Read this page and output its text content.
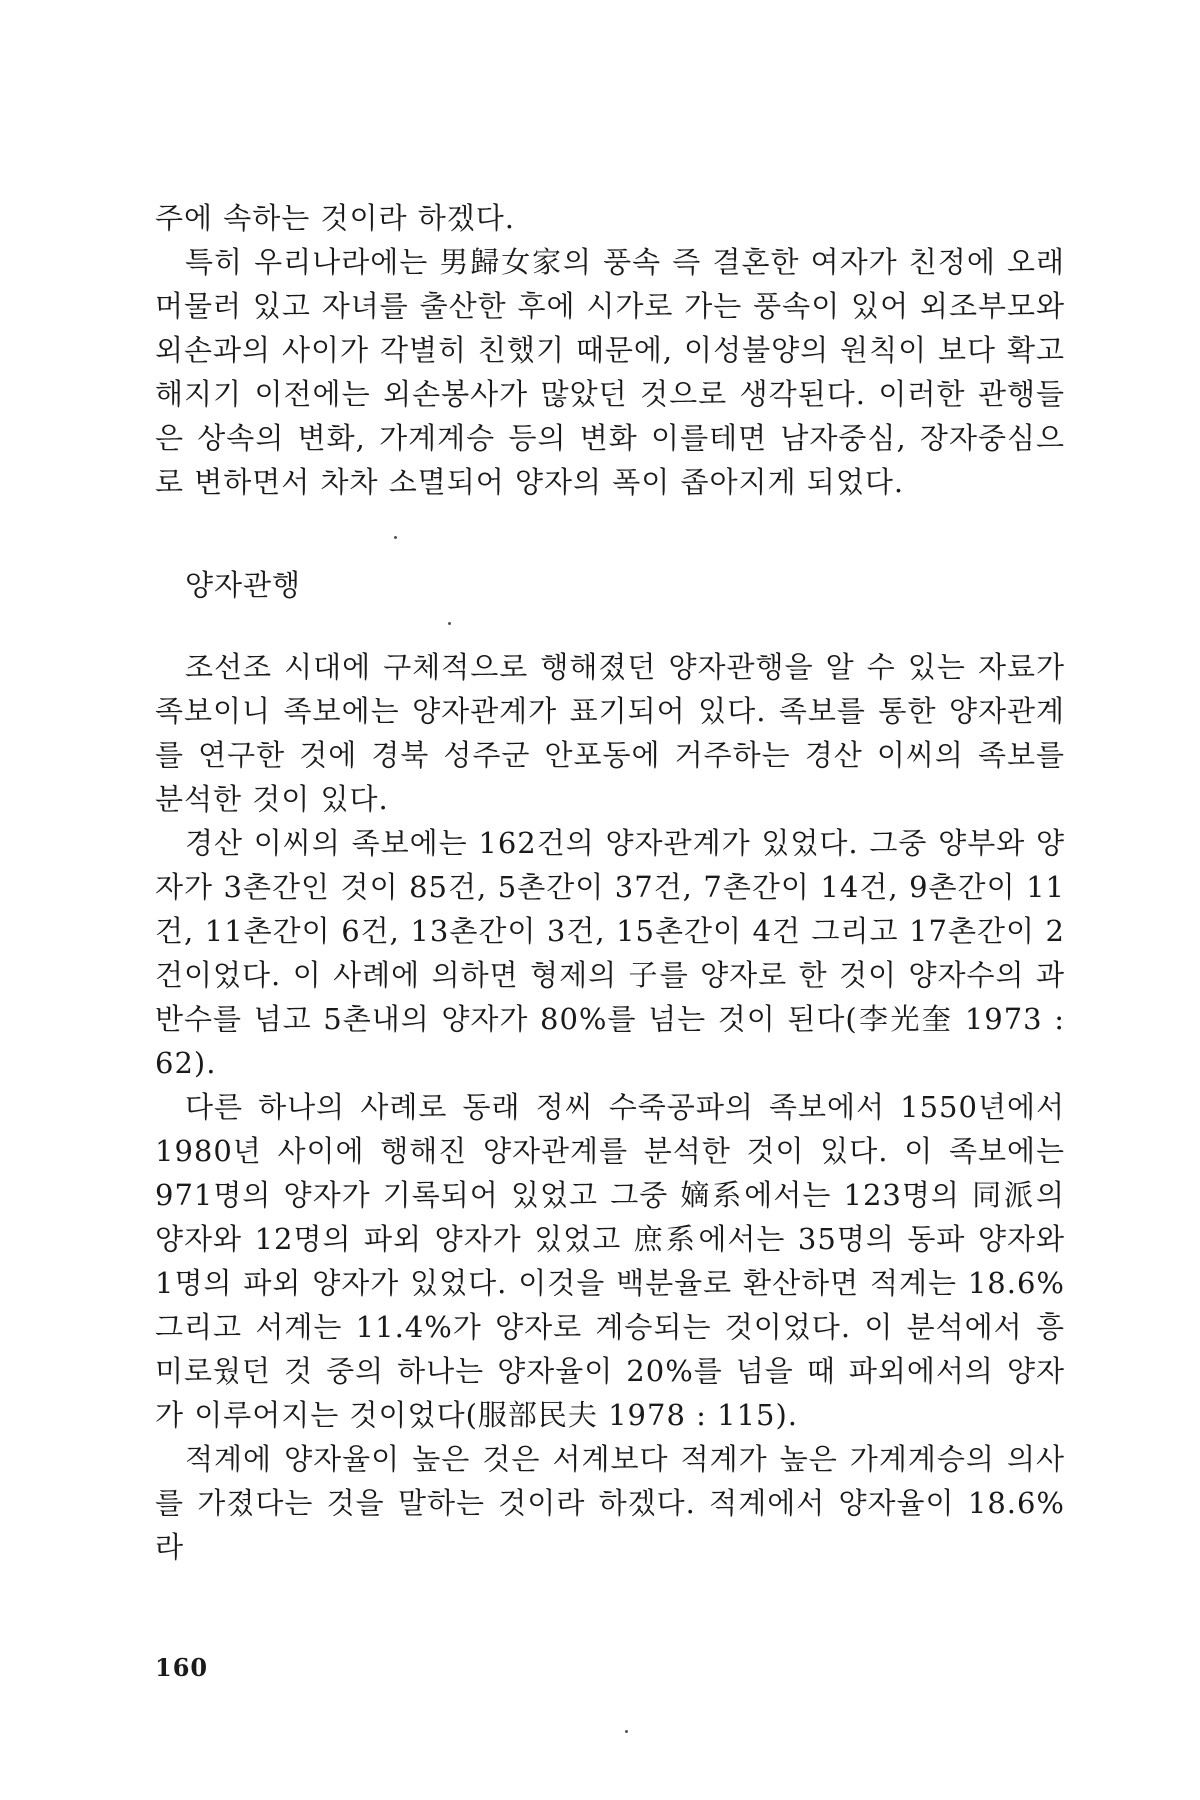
주에 속하는 것이라 하겠다.

특히 우리나라에는 男歸女家의 풍속 즉 결혼한 여자가 친정에 오래 머물러 있고 자녀를 출산한 후에 시가로 가는 풍속이 있어 외조부모와 외손과의 사이가 각별히 친했기 때문에, 이성불양의 원칙이 보다 확고해지기 이전에는 외손봉사가 많았던 것으로 생각된다. 이러한 관행들은 상속의 변화, 가계계승 등의 변화 이를테면 남자중심, 장자중심으로 변하면서 차차 소멸되어 양자의 폭이 좁아지게 되었다.

양자관행

조선조 시대에 구체적으로 행해졌던 양자관행을 알 수 있는 자료가 족보이니 족보에는 양자관계가 표기되어 있다. 족보를 통한 양자관계를 연구한 것에 경북 성주군 안포동에 거주하는 경산 이씨의 족보를 분석한 것이 있다.

경산 이씨의 족보에는 162건의 양자관계가 있었다. 그중 양부와 양자가 3촌간인 것이 85건, 5촌간이 37건, 7촌간이 14건, 9촌간이 11건, 11촌간이 6건, 13촌간이 3건, 15촌간이 4건 그리고 17촌간이 2건이었다. 이 사례에 의하면 형제의 子를 양자로 한 것이 양자수의 과반수를 넘고 5촌내의 양자가 80%를 넘는 것이 된다(李光奎 1973 : 62).

다른 하나의 사례로 동래 정씨 수죽공파의 족보에서 1550년에서 1980년 사이에 행해진 양자관계를 분석한 것이 있다. 이 족보에는 971명의 양자가 기록되어 있었고 그중 嫡系에서는 123명의 同派의 양자와 12명의 파외 양자가 있었고 庶系에서는 35명의 동파 양자와 1명의 파외 양자가 있었다. 이것을 백분율로 환산하면 적계는 18.6% 그리고 서계는 11.4%가 양자로 계승되는 것이었다. 이 분석에서 흥미로웠던 것 중의 하나는 양자율이 20%를 넘을 때 파외에서의 양자가 이루어지는 것이었다(服部民夫 1978 : 115).

적계에 양자율이 높은 것은 서계보다 적계가 높은 가계계승의 의사를 가졌다는 것을 말하는 것이라 하겠다. 적계에서 양자율이 18.6%라

160
